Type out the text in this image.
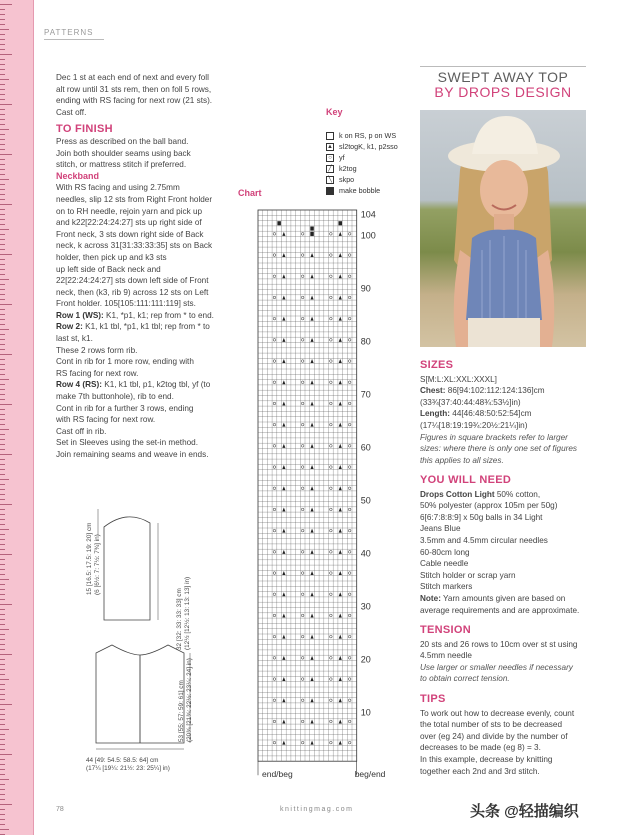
PATTERNS

Dec 1 st at each end of next and every foll

alt row until 31 sts rem, then on foll 5 rows,

ending with RS facing for next row (21 sts).

Cast off.

TO FINISH

Press as described on the ball band.

Join both shoulder seams using back

stitch, or mattress stitch if preferred.

Neckband

With RS facing and using 2.75mm

needles, slip 12 sts from Right Front holder

on to RH needle, rejoin yarn and pick up

and k22[22:24:24:27] sts up right side of

Front neck, 3 sts down right side of Back

neck, k across 31[31:33:33:35] sts on Back

holder, then pick up and k3 sts

up left side of Back neck and

22[22:24:24:27] sts down left side of Front

neck, then (k3, rib 9) across 12 sts on Left

Front holder. 105[105:111:111:119] sts.

Row 1 (WS): K1, *p1, k1; rep from * to end.

Row 2: K1, k1 tbl, *p1, k1 tbl; rep from * to

last st, k1.

These 2 rows form rib.

Cont in rib for 1 more row, ending with

RS facing for next row.

Row 4 (RS): K1, k1 tbl, p1, k2tog tbl, yf (to

make 7th buttonhole), rib to end.

Cont in rib for a further 3 rows, ending

with RS facing for next row.

Cast off in rib.

Set in Sleeves using the set-in method.

Join remaining seams and weave in ends.

15 [16.5: 17.5: 19: 20] cm (6 [6½: 7: 7½: 7¾] in)
32 [32: 33: 33: 33] cm (12½ [12½: 13: 13: 13] in)
53 [55: 57: 59: 61] cm (20¾ [21¾: 22½: 23¼: 24] in)
44 [49: 54.5: 58.5: 64] cm
(17¼ [19¼: 21½: 23: 25¼] in)
Key
k on RS, p on WS
▲ sl2togK, k1, p2sso
○ yf
╱ k2tog
╲ skpo
make bobble
Chart
104
100
90
80
70
60
50
40
30
20
10
end/beg	beg/end
SWEPT AWAY TOP
BY DROPS DESIGN
SIZES

S[M:L:XL:XXL:XXXL]

Chest: 86[94:102:112:124:136]cm

(33¾[37:40:44:48¾:53½]in)

Length: 44[46:48:50:52:54]cm

(17¼[18:19:19¾:20½:21¼]in)

Figures in square brackets refer to larger

sizes: where there is only one set of figures

this applies to all sizes.

YOU WILL NEED

Drops Cotton Light 50% cotton,

50% polyester (approx 105m per 50g)

6[6:7:8:8:9] x 50g balls in 34 Light

Jeans Blue

3.5mm and 4.5mm circular needles

60-80cm long

Cable needle

Stitch holder or scrap yarn

Stitch markers

Note: Yarn amounts given are based on

average requirements and are approximate.

TENSION

20 sts and 26 rows to 10cm over st st using

4.5mm needle

Use larger or smaller needles if necessary

to obtain correct tension.

TIPS

To work out how to decrease evenly, count

the total number of sts to be decreased

over (eg 24) and divide by the number of

decreases to be made (eg 8) = 3.

In this example, decrease by knitting

together each 2nd and 3rd stitch.

78	knittingmag.com	头条 @轻描编织
